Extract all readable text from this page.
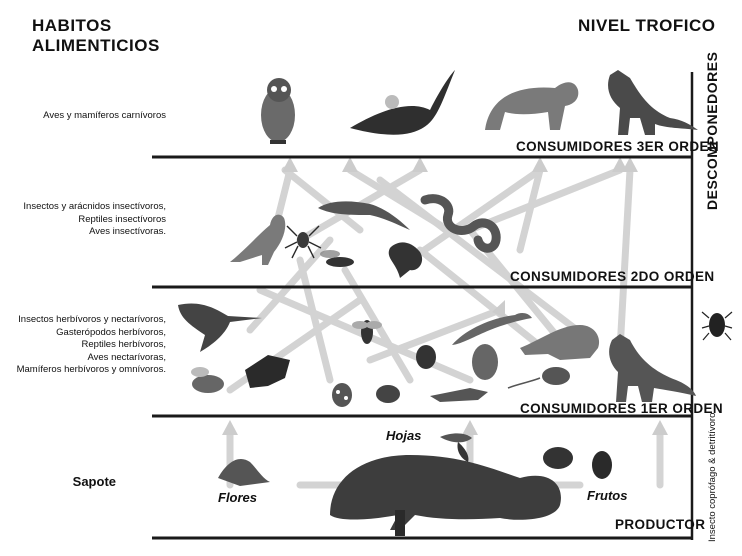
HABITOS
ALIMENTICIOS
NIVEL TROFICO
Aves y mamíferos carnívoros
Insectos y arácnidos insectívoros,
Reptiles insectívoros
Aves insectívoras.
Insectos herbívoros y nectarívoros,
Gasterópodos herbívoros,
Reptiles herbívoros,
Aves nectarívoras,
Mamíferos herbívoros y omnívoros.
Sapote
CONSUMIDORES 3ER ORDEN
CONSUMIDORES 2DO ORDEN
CONSUMIDORES 1ER ORDEN
PRODUCTOR
Hojas
Flores	Frutos
DESCOMPONEDORES
Insecto coprófago & detritívoro
